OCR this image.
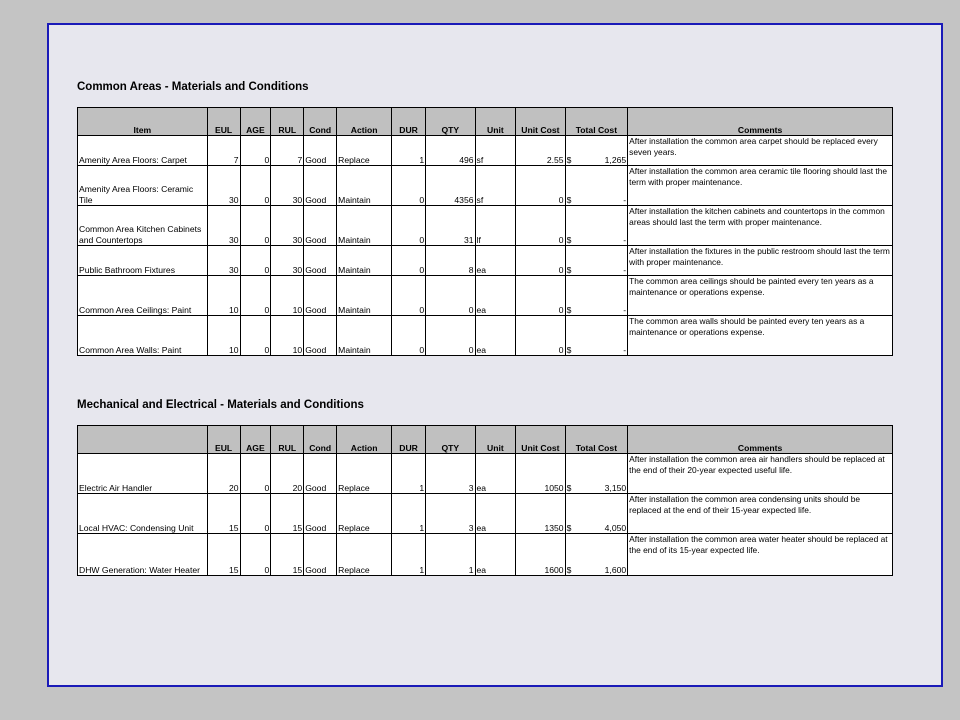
Common Areas - Materials and Conditions
Item	EUL	AGE	RUL	Cond	Action	DUR	QTY	Unit	Unit Cost	Total Cost	Comments
Amenity Area Floors: Carpet	7	0	7	Good	Replace	1	496	sf	2.55	$ 1,265	After installation the common area carpet should be replaced every seven years.
Amenity Area Floors: Ceramic Tile	30	0	30	Good	Maintain	0	4356	sf	0	$ -	After installation the common area ceramic tile flooring should last the term with proper maintenance.
Common Area Kitchen Cabinets and Countertops	30	0	30	Good	Maintain	0	31	lf	0	$ -	After installation the kitchen cabinets and countertops in the common areas should last the term with proper maintenance.
Public Bathroom Fixtures	30	0	30	Good	Maintain	0	8	ea	0	$ -	After installation the fixtures in the public restroom should last the term with proper maintenance.
Common Area Ceilings: Paint	10	0	10	Good	Maintain	0	0	ea	0	$ -	The common area ceilings should be painted every ten years as a maintenance or operations expense.
Common Area Walls: Paint	10	0	10	Good	Maintain	0	0	ea	0	$ -	The common area walls should be painted every ten years as a maintenance or operations expense.
Mechanical and Electrical - Materials and Conditions
	EUL	AGE	RUL	Cond	Action	DUR	QTY	Unit	Unit Cost	Total Cost	Comments
Electric Air Handler	20	0	20	Good	Replace	1	3	ea	1050	$ 3,150	After installation the common area air handlers should be replaced at the end of their 20-year expected useful life.
Local HVAC: Condensing Unit	15	0	15	Good	Replace	1	3	ea	1350	$ 4,050	After installation the common area condensing units should be replaced at the end of their 15-year expected life.
DHW Generation: Water Heater	15	0	15	Good	Replace	1	1	ea	1600	$ 1,600	After installation the common area water heater should be replaced at the end of its 15-year expected life.
